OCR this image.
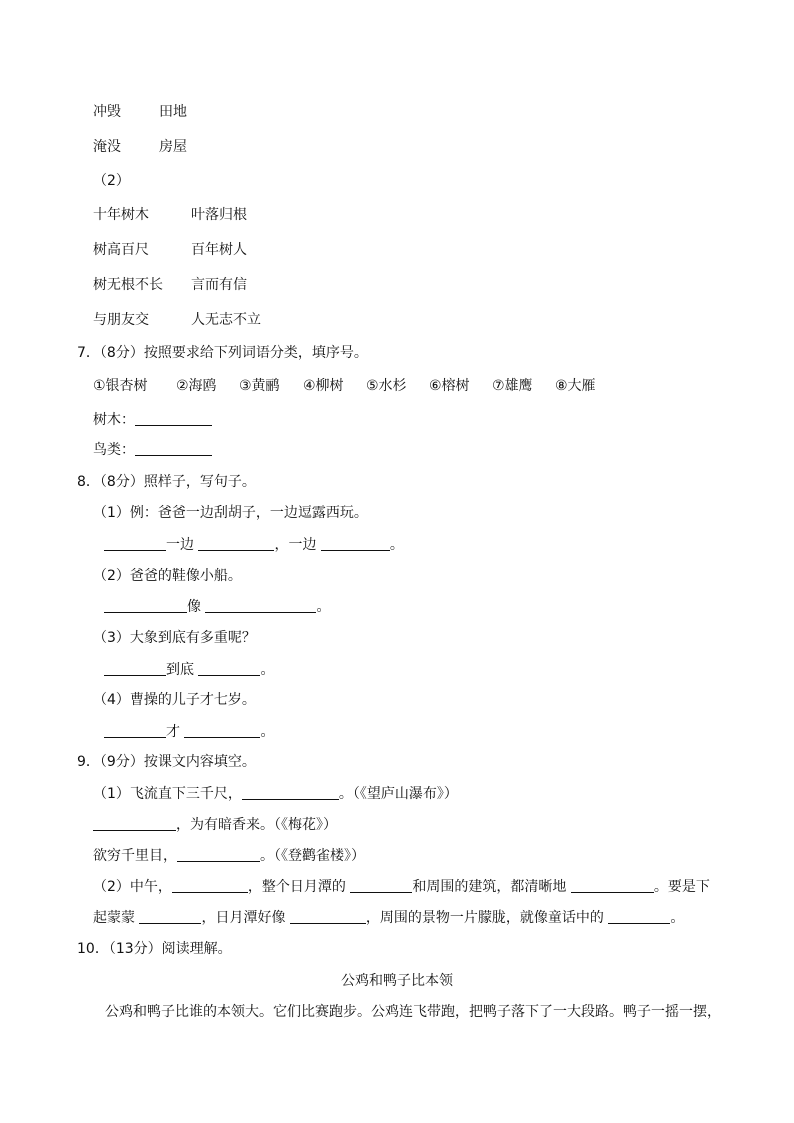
冲毁	田地
淹没	房屋
（2）
十年树木	叶落归根
树高百尺	百年树人
树无根不长 言而有信
与朋友交	人无志不立
7．（8分）按照要求给下列词语分类，填序号。
①银杏树 ②海鸥 ③黄鹂 ④柳树 ⑤水杉 ⑥榕树 ⑦雄鹰 ⑧大雁
树木：
鸟类：
8．（8分）照样子，写句子。
（1）例：爸爸一边刮胡子，一边逗露西玩。
一边	，一边	。
（2）爸爸的鞋像小船。
像	。
（3）大象到底有多重呢？
到底	。
（4）曹操的儿子才七岁。
才	。
9．（9分）按课文内容填空。
（1）飞流直下三千尺，	。（《望庐山瀑布》）
，为有暗香来。（《梅花》）
欲穷千里目，	。（《登鹳雀楼》）
（2）中午，	，整个日月潭的	和周围的建筑，都清晰地	。要是下
起蒙蒙	，日月潭好像	，周围的景物一片朦胧，就像童话中的	。
10．（13分）阅读理解。
公鸡和鸭子比本领
公鸡和鸭子比谁的本领大。它们比赛跑步。公鸡连飞带跑，把鸭子落下了一大段路。鸭子一摇一摆，
